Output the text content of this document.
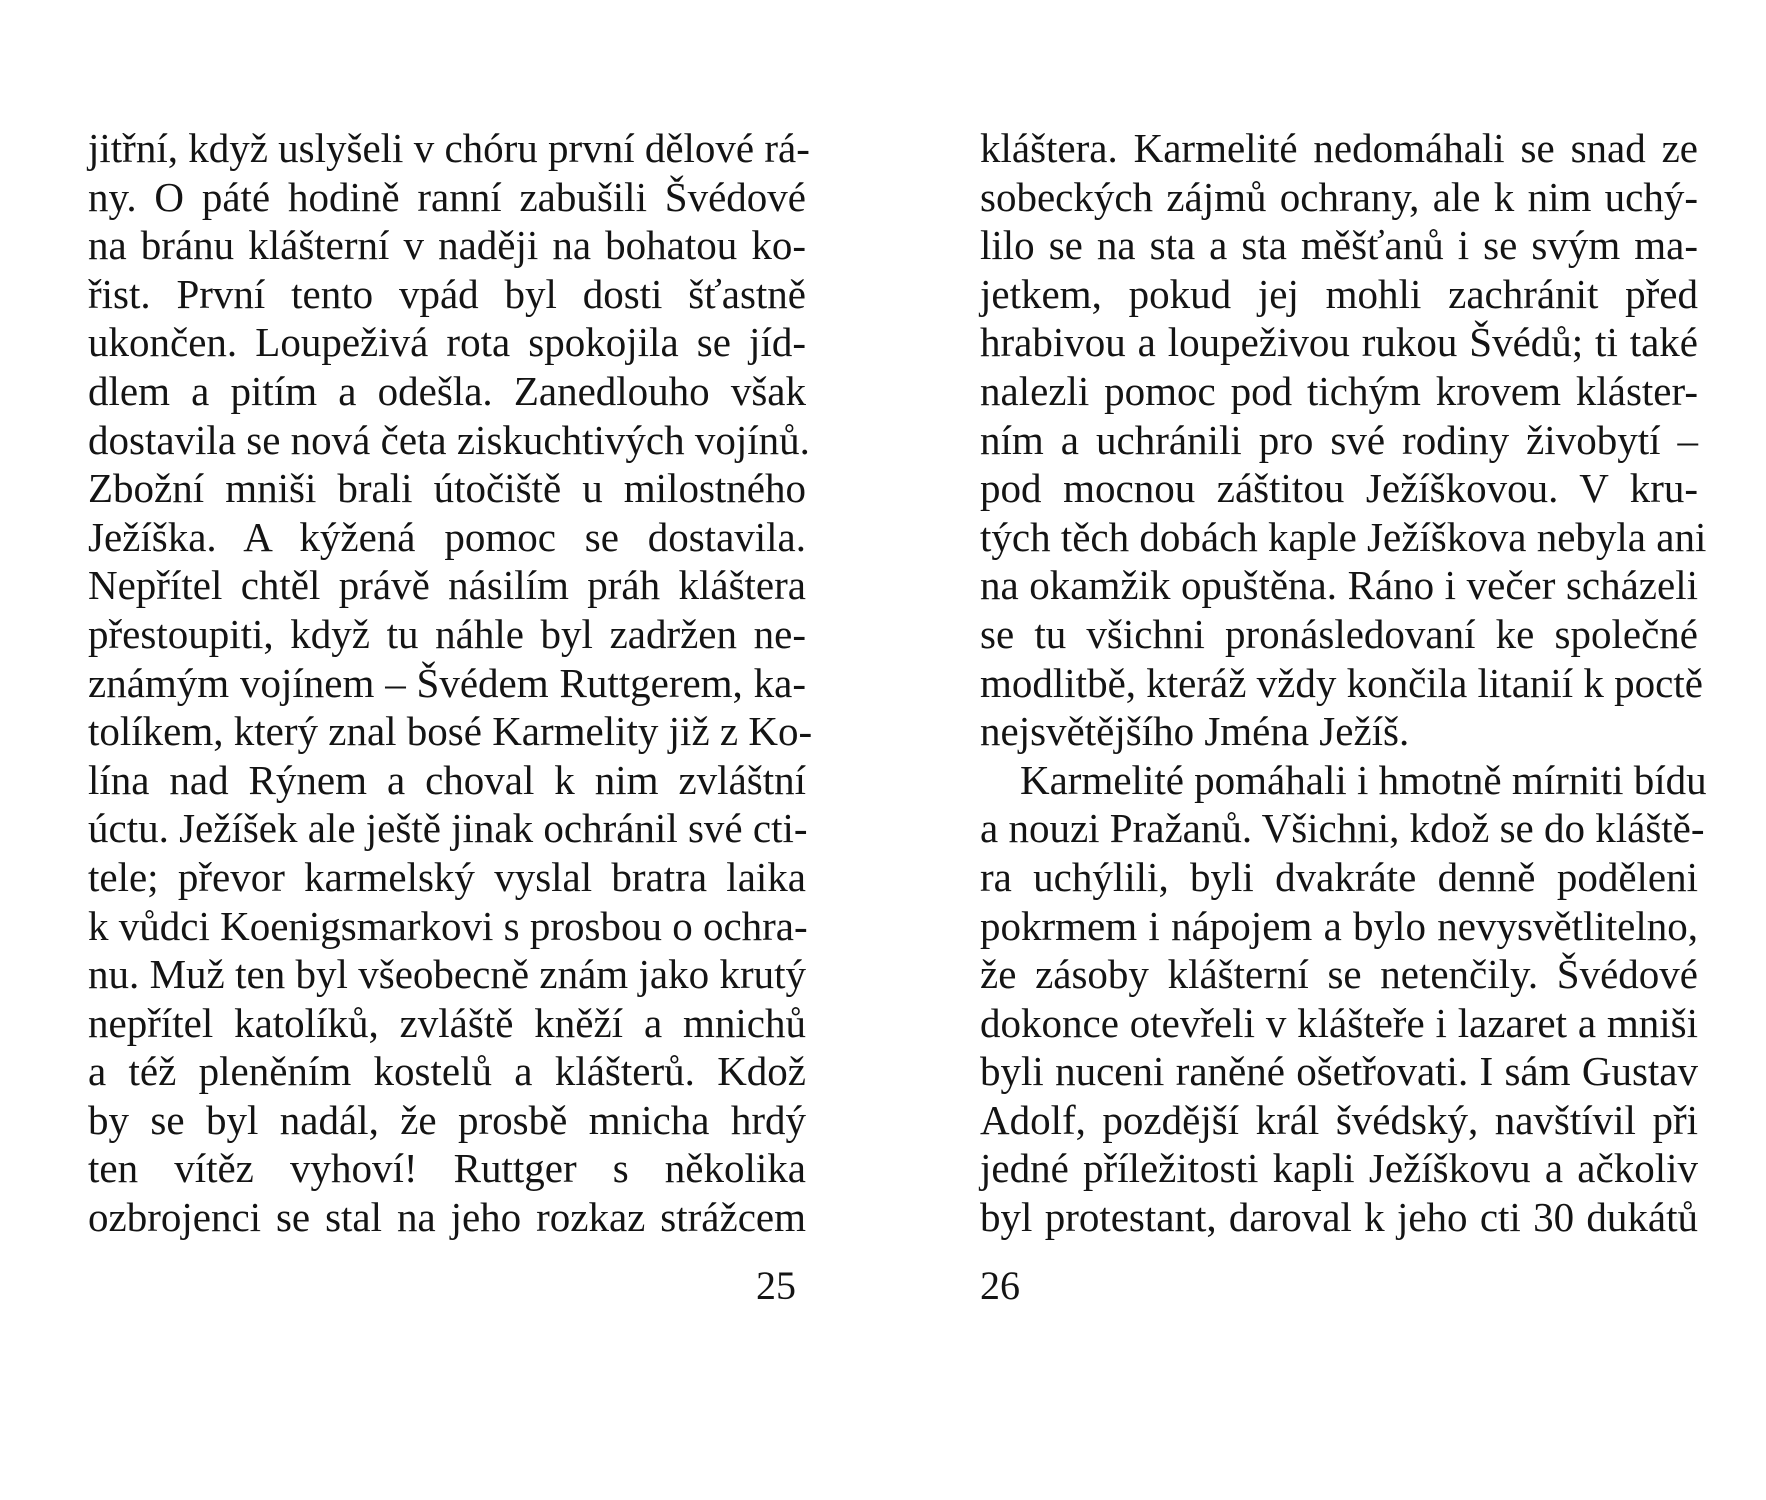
jitřní, když uslyšeli v chóru první dělové rá-
ny. O páté hodině ranní zabušili Švédové
na bránu klášterní v naději na bohatou ko-
řist. První tento vpád byl dosti šťastně
ukončen. Loupeživá rota spokojila se jíd-
dlem a pitím a odešla. Zanedlouho však
dostavila se nová četa ziskuchtivých vojínů.
Zbožní mniši brali útočiště u milostného
Ježíška. A kýžená pomoc se dostavila.
Nepřítel chtěl právě násilím práh kláštera
přestoupiti, když tu náhle byl zadržen ne-
známým vojínem – Švédem Ruttgerem, ka-
tolíkem, který znal bosé Karmelity již z Ko-
lína nad Rýnem a choval k nim zvláštní
úctu. Ježíšek ale ještě jinak ochránil své cti-
tele; převor karmelský vyslal bratra laika
k vůdci Koenigsmarkovi s prosbou o ochra-
nu. Muž ten byl všeobecně znám jako krutý
nepřítel katolíků, zvláště kněží a mnichů
a též pleněním kostelů a klášterů. Kdož
by se byl nadál, že prosbě mnicha hrdý
ten vítěz vyhoví! Ruttger s několika
ozbrojenci se stal na jeho rozkaz strážcem
25
kláštera. Karmelité nedomáhali se snad ze
sobeckých zájmů ochrany, ale k nim uchý-
lilo se na sta a sta měšťanů i se svým ma-
jetkem, pokud jej mohli zachránit před
hrabivou a loupeživou rukou Švédů; ti také
nalezli pomoc pod tichým krovem kláster-
ním a uchránili pro své rodiny živobytí –
pod mocnou záštitou Ježíškovou. V kru-
tých těch dobách kaple Ježíškova nebyla ani
na okamžik opuštěna. Ráno i večer scházeli
se tu všichni pronásledovaní ke společné
modlitbě, kteráž vždy končila litanií k poctě
nejsvětějšího Jména Ježíš.
Karmelité pomáhali i hmotně mírniti bídu
a nouzi Pražanů. Všichni, kdož se do kláště-
ra uchýlili, byli dvakráte denně poděleni
pokrmem i nápojem a bylo nevysvětlitelno,
že zásoby klášterní se netenčily. Švédové
dokonce otevřeli v klášteře i lazaret a mniši
byli nuceni raněné ošetřovati. I sám Gustav
Adolf, pozdější král švédský, navštívil při
jedné příležitosti kapli Ježíškovu a ačkoliv
byl protestant, daroval k jeho cti 30 dukátů
26
